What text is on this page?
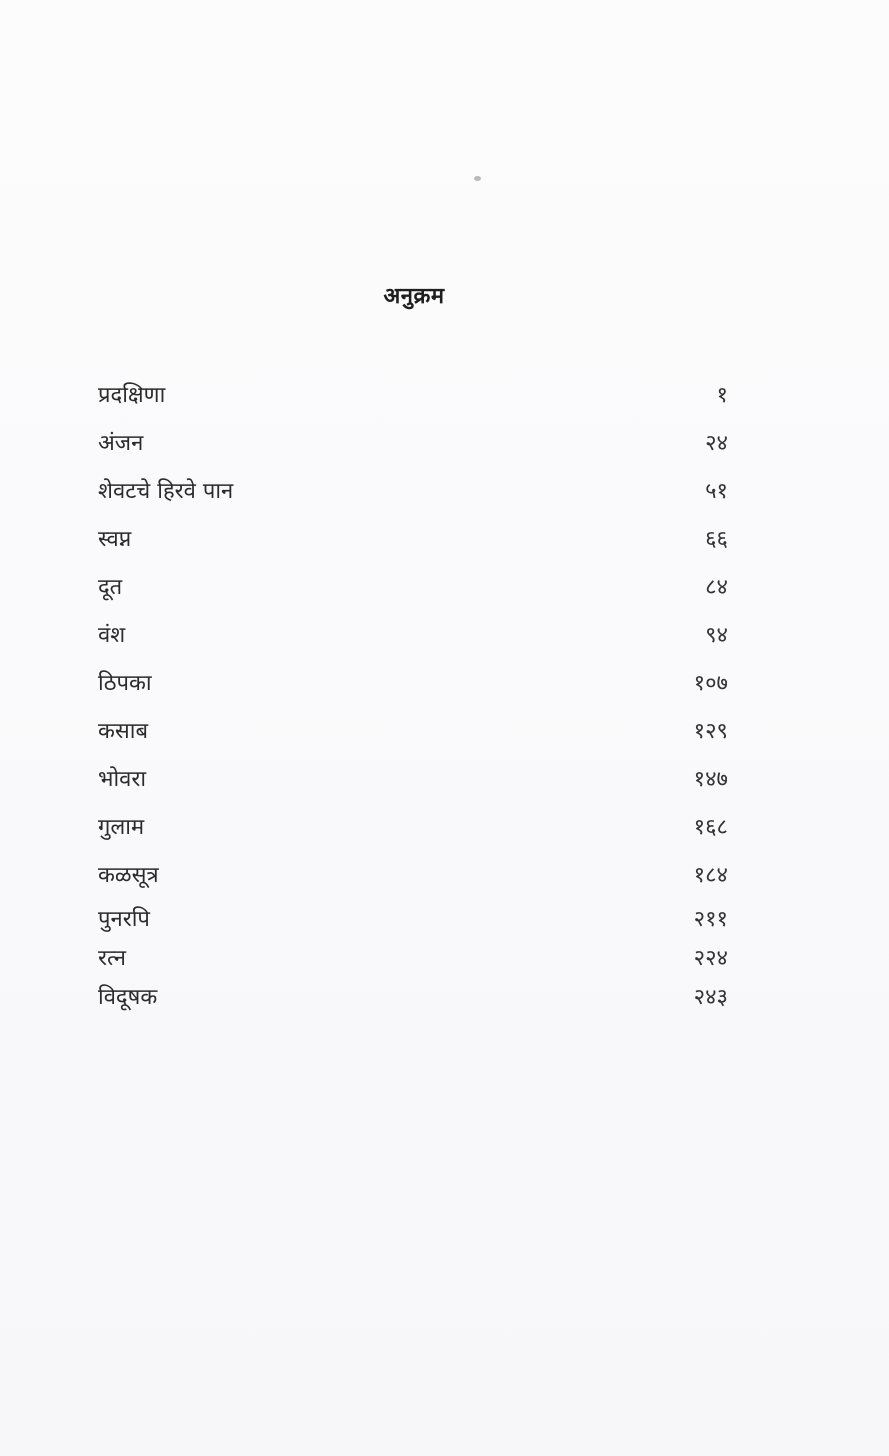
अनुक्रम
प्रदक्षिणा	१
अंजन	२४
शेवटचे हिरवे पान	५१
स्वप्न	६६
दूत	८४
वंश	९४
ठिपका	१०७
कसाब	१२९
भोवरा	१४७
गुलाम	१६८
कळसूत्र	१८४
पुनरपि	२११
रत्न	२२४
विदूषक	२४३
